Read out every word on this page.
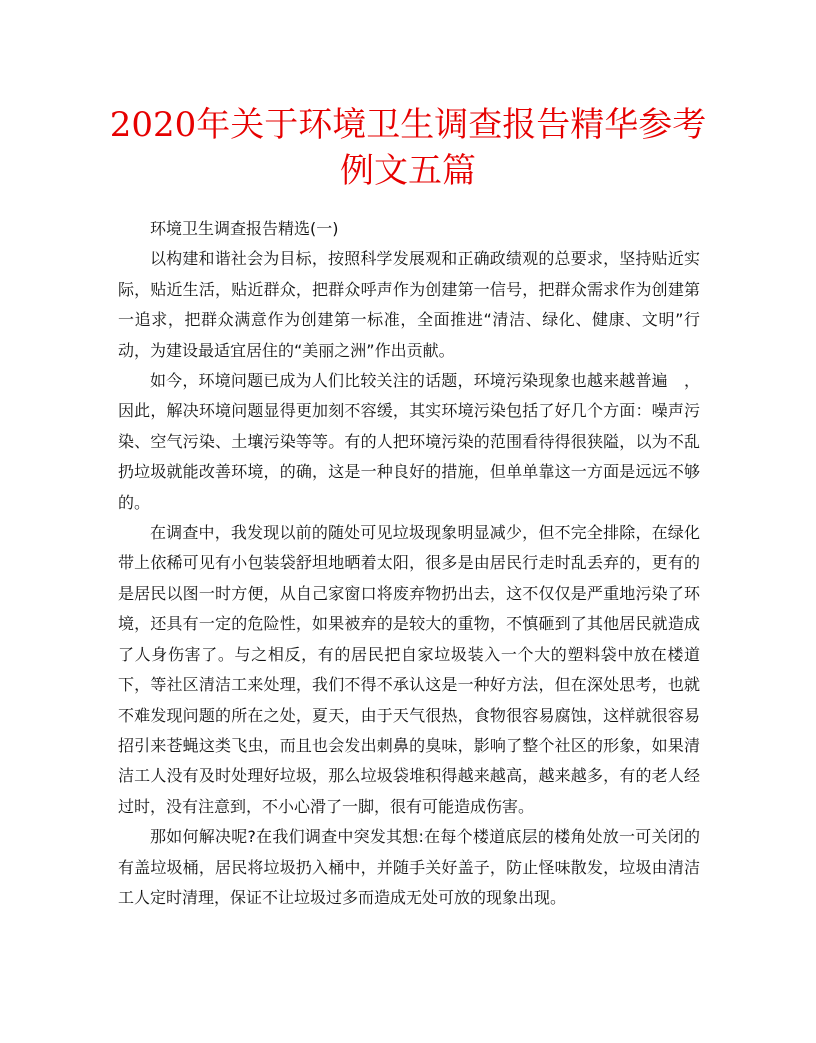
2020年关于环境卫生调查报告精华参考
例文五篇

环境卫生调查报告精选(一)

以构建和谐社会为目标，按照科学发展观和正确政绩观的总要求，坚持贴近实际，贴近生活，贴近群众，把群众呼声作为创建第一信号，把群众需求作为创建第一追求，把群众满意作为创建第一标准，全面推进“清洁、绿化、健康、文明”行动，为建设最适宜居住的“美丽之洲”作出贡献。

如今，环境问题已成为人们比较关注的话题，环境污染现象也越来越普遍　，因此，解决环境问题显得更加刻不容缓，其实环境污染包括了好几个方面：噪声污染、空气污染、土壤污染等等。有的人把环境污染的范围看待得很狭隘，以为不乱扔垃圾就能改善环境，的确，这是一种良好的措施，但单单靠这一方面是远远不够的。

在调查中，我发现以前的随处可见垃圾现象明显减少，但不完全排除，在绿化带上依稀可见有小包装袋舒坦地晒着太阳，很多是由居民行走时乱丢弃的，更有的是居民以图一时方便，从自己家窗口将废弃物扔出去，这不仅仅是严重地污染了环境，还具有一定的危险性，如果被弃的是较大的重物，不慎砸到了其他居民就造成了人身伤害了。与之相反，有的居民把自家垃圾装入一个大的塑料袋中放在楼道下，等社区清洁工来处理，我们不得不承认这是一种好方法，但在深处思考，也就不难发现问题的所在之处，夏天，由于天气很热，食物很容易腐蚀，这样就很容易招引来苍蝇这类飞虫，而且也会发出刺鼻的臭味，影响了整个社区的形象，如果清洁工人没有及时处理好垃圾，那么垃圾袋堆积得越来越高，越来越多，有的老人经过时，没有注意到，不小心滑了一脚，很有可能造成伤害。

那如何解决呢?在我们调查中突发其想:在每个楼道底层的楼角处放一可关闭的有盖垃圾桶，居民将垃圾扔入桶中，并随手关好盖子，防止怪味散发，垃圾由清洁工人定时清理，保证不让垃圾过多而造成无处可放的现象出现。
